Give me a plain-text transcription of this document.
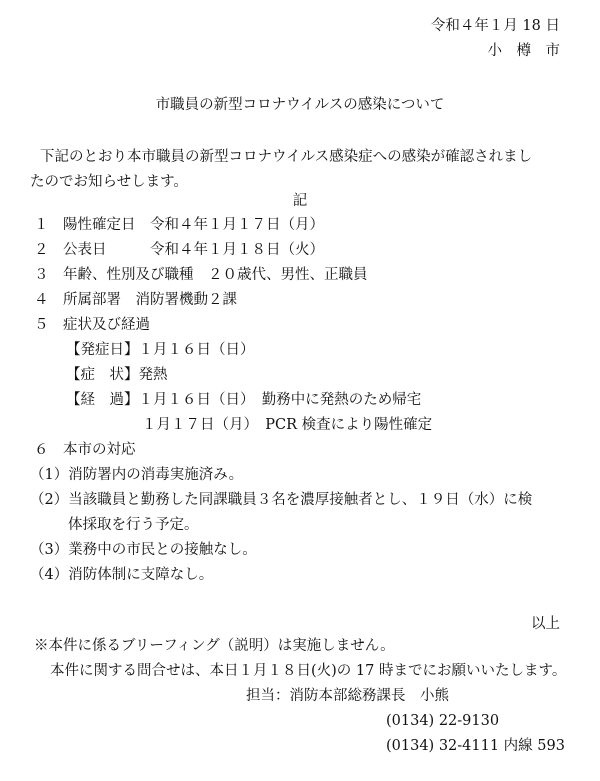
令和４年１月 18 日
小　樽　市
市職員の新型コロナウイルスの感染について
下記のとおり本市職員の新型コロナウイルス感染症への感染が確認されまし
たのでお知らせします。
記
１　陽性確定日　令和４年１月１７日（月）
２　公表日　　　令和４年１月１８日（火）
３　年齢、性別及び職種　２０歳代、男性、正職員
４　所属部署　消防署機動２課
５　症状及び経過
【発症日】１月１６日（日）
【症　状】発熱
【経　過】１月１６日（日）　勤務中に発熱のため帰宅
１月１７日（月）　PCR 検査により陽性確定
６　本市の対応
（1）消防署内の消毒実施済み。
（2）当該職員と勤務した同課職員３名を濃厚接触者とし、１９日（水）に検
体採取を行う予定。
（3）業務中の市民との接触なし。
（4）消防体制に支障なし。
以上
※本件に係るブリーフィング（説明）は実施しません。
本件に関する問合せは、本日１月１８日(火)の 17 時までにお願いいたします。
担当：消防本部総務課長　小熊
(0134) 22-9130
(0134) 32-4111 内線 593
